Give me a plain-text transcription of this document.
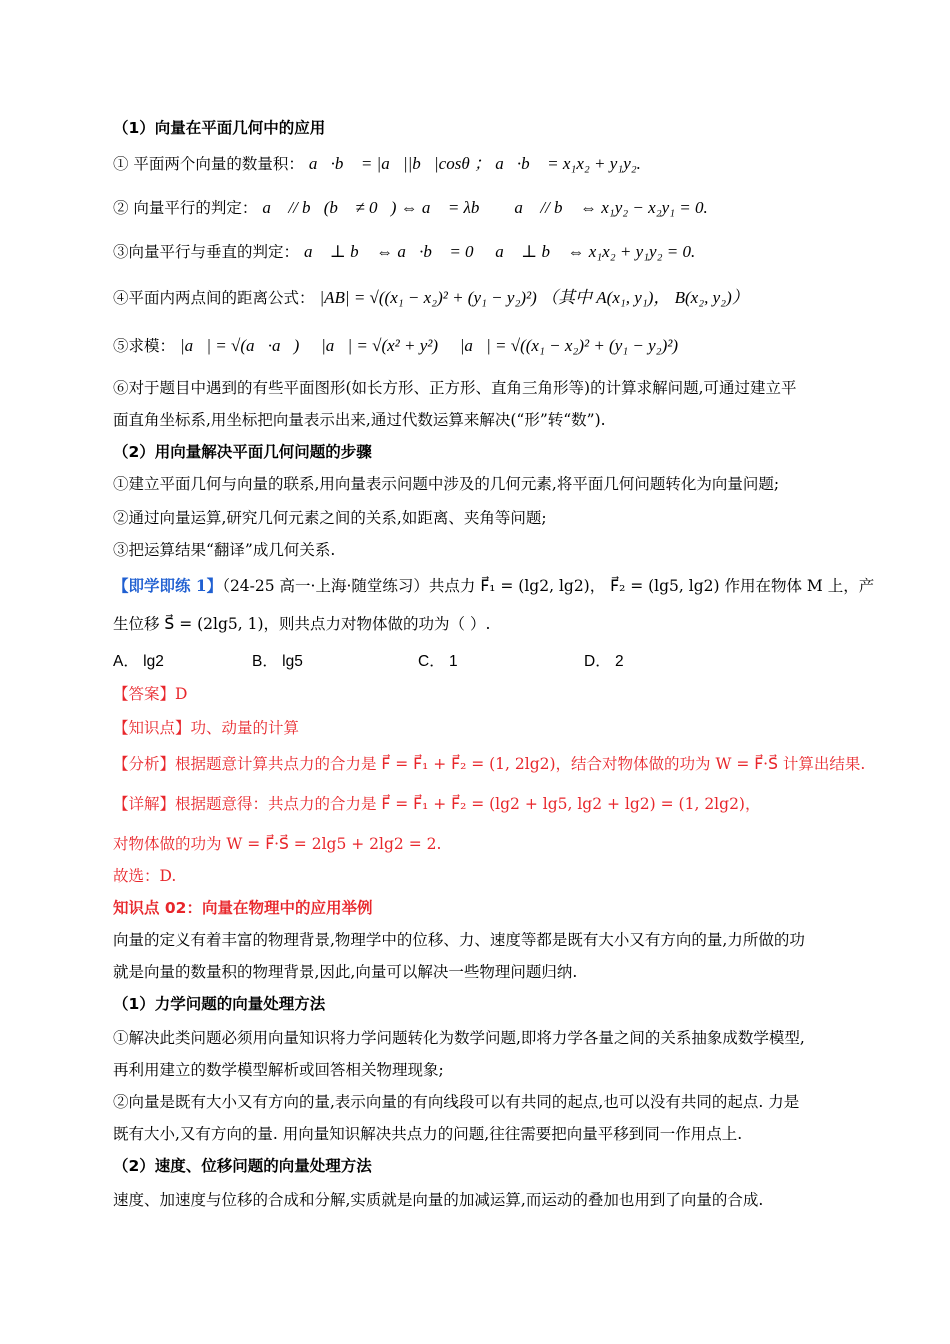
（1）向量在平面几何中的应用
① 平面两个向量的数量积： a⃗·b⃗ = |a⃗||b⃗|cosθ ； a⃗·b⃗ = x₁x₂ + y₁y₂.
② 向量平行的判定： a⃗ // b⃗(b⃗ ≠ 0⃗) ⇔ a⃗ = λb⃗ ； a⃗ // b⃗ ⇔ x₁y₂ − x₂y₁ = 0.
③向量平行与垂直的判定： a⃗ ⊥ b⃗ ⇔ a⃗·b⃗ = 0 ； a⃗ ⊥ b⃗ ⇔ x₁x₂ + y₁y₂ = 0.
④平面内两点间的距离公式： |AB| = √((x₁ − x₂)² + (y₁ − y₂)²) （其中 A(x₁, y₁)， B(x₂, y₂)）
⑤求模： |a⃗| = √(a⃗·a⃗) ； |a⃗| = √(x² + y²) ； |a⃗| = √((x₁ − x₂)² + (y₁ − y₂)²)
⑥对于题目中遇到的有些平面图形(如长方形、正方形、直角三角形等)的计算求解问题,可通过建立平
面直角坐标系,用坐标把向量表示出来,通过代数运算来解决(“形”转“数”).
（2）用向量解决平面几何问题的步骤
①建立平面几何与向量的联系,用向量表示问题中涉及的几何元素,将平面几何问题转化为向量问题;
②通过向量运算,研究几何元素之间的关系,如距离、夹角等问题;
③把运算结果“翻译”成几何关系.
【即学即练 1】（24-25 高一·上海·随堂练习）共点力 F⃗₁ = (lg2, lg2)， F⃗₂ = (lg5, lg2) 作用在物体 M 上，产
生位移 S⃗ = (2lg5, 1)，则共点力对物体做的功为（ ）.
A． lg2	B． lg5	C． 1	D． 2
【答案】D
【知识点】功、动量的计算
【分析】根据题意计算共点力的合力是 F⃗ = F⃗₁ + F⃗₂ = (1, 2lg2)，结合对物体做的功为 W = F⃗·S⃗ 计算出结果.
【详解】根据题意得：共点力的合力是 F⃗ = F⃗₁ + F⃗₂ = (lg2 + lg5, lg2 + lg2) = (1, 2lg2)，
对物体做的功为 W = F⃗·S⃗ = 2lg5 + 2lg2 = 2.
故选：D.
知识点 02：向量在物理中的应用举例
向量的定义有着丰富的物理背景,物理学中的位移、力、速度等都是既有大小又有方向的量,力所做的功
就是向量的数量积的物理背景,因此,向量可以解决一些物理问题归纳.
（1）力学问题的向量处理方法
①解决此类问题必须用向量知识将力学问题转化为数学问题,即将力学各量之间的关系抽象成数学模型,
再利用建立的数学模型解析或回答相关物理现象;
②向量是既有大小又有方向的量,表示向量的有向线段可以有共同的起点,也可以没有共同的起点. 力是
既有大小,又有方向的量. 用向量知识解决共点力的问题,往往需要把向量平移到同一作用点上.
（2）速度、位移问题的向量处理方法
速度、加速度与位移的合成和分解,实质就是向量的加减运算,而运动的叠加也用到了向量的合成.
